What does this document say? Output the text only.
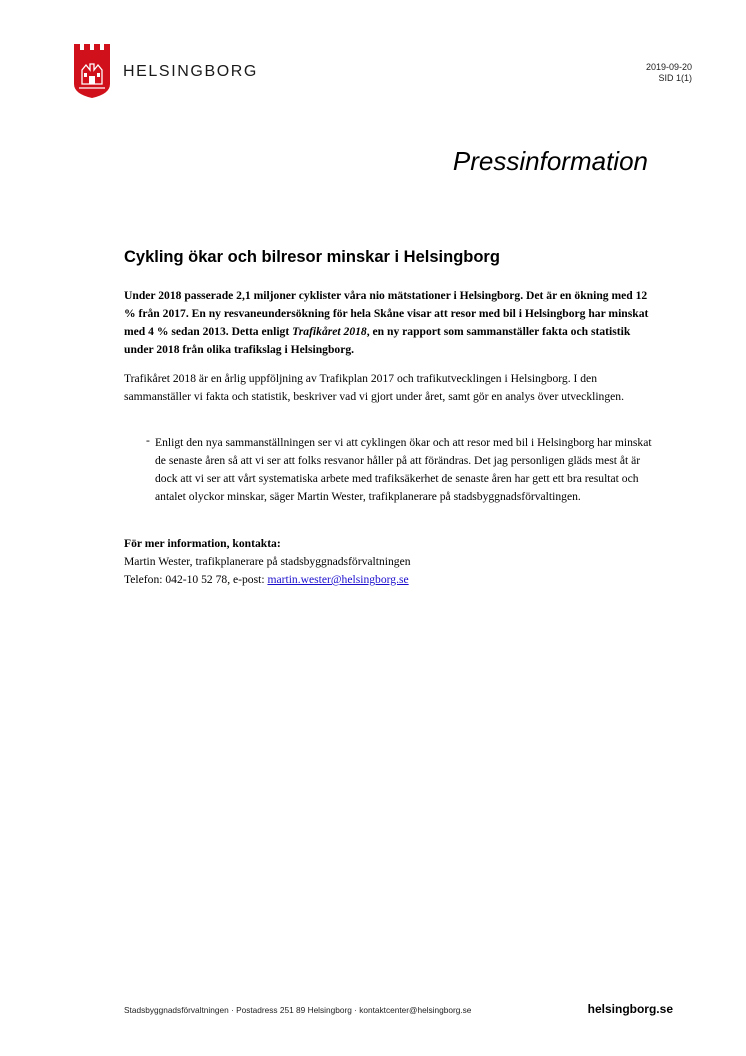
HELSINGBORG	2019-09-20
SID 1(1)
Pressinformation
Cykling ökar och bilresor minskar i Helsingborg
Under 2018 passerade 2,1 miljoner cyklister våra nio mätstationer i Helsingborg. Det är en ökning med 12 % från 2017. En ny resvaneundersökning för hela Skåne visar att resor med bil i Helsingborg har minskat med 4 % sedan 2013. Detta enligt Trafikåret 2018, en ny rapport som sammanställer fakta och statistik under 2018 från olika trafikslag i Helsingborg.
Trafikåret 2018 är en årlig uppföljning av Trafikplan 2017 och trafikutvecklingen i Helsingborg. I den sammanställer vi fakta och statistik, beskriver vad vi gjort under året, samt gör en analys över utvecklingen.
- Enligt den nya sammanställningen ser vi att cyklingen ökar och att resor med bil i Helsingborg har minskat de senaste åren så att vi ser att folks resvanor håller på att förändras. Det jag personligen gläds mest åt är dock att vi ser att vårt systematiska arbete med trafiksäkerhet de senaste åren har gett ett bra resultat och antalet olyckor minskar, säger Martin Wester, trafikplanerare på stadsbyggnadsförvaltingen.
För mer information, kontakta:
Martin Wester, trafikplanerare på stadsbyggnadsförvaltningen
Telefon: 042-10 52 78, e-post: martin.wester@helsingborg.se
Stadsbyggnadsförvaltningen · Postadress 251 89 Helsingborg · kontaktcenter@helsingborg.se	helsingborg.se
